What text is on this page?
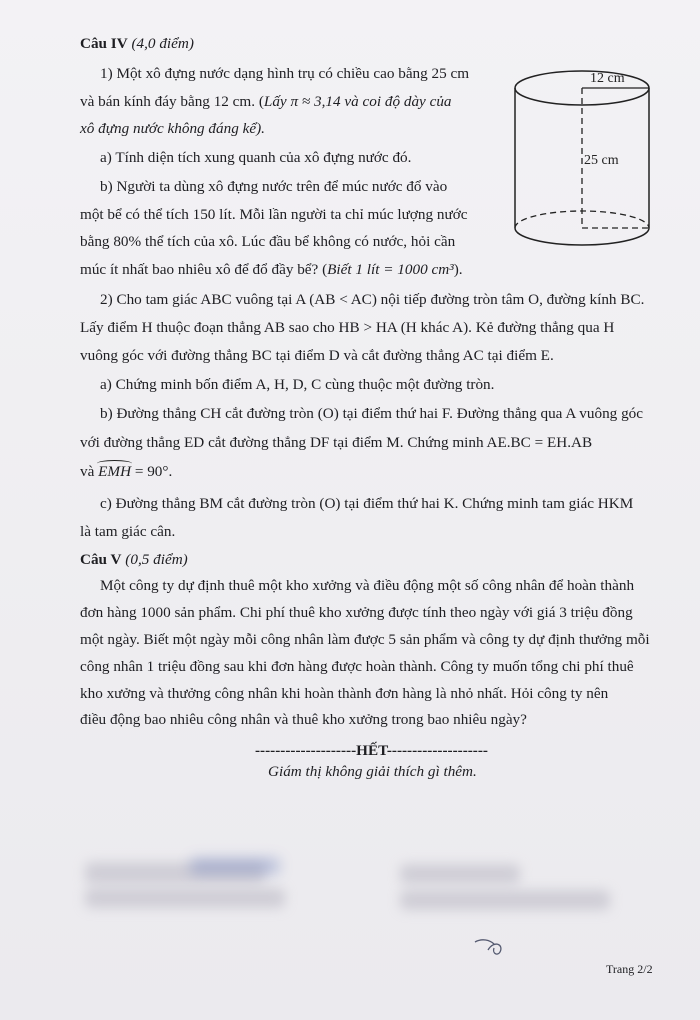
Câu IV (4,0 điểm)
1) Một xô đựng nước dạng hình trụ có chiều cao bằng 25 cm
và bán kính đáy bằng 12 cm. (Lấy π ≈ 3,14 và coi độ dày của
xô đựng nước không đáng kể).
a) Tính diện tích xung quanh của xô đựng nước đó.
b) Người ta dùng xô đựng nước trên để múc nước đổ vào
một bể có thể tích 150 lít. Mỗi lần người ta chỉ múc lượng nước
bằng 80% thể tích của xô. Lúc đầu bể không có nước, hỏi cần
múc ít nhất bao nhiêu xô để đổ đầy bể? (Biết 1 lít = 1000 cm³).
12 cm
25 cm
2) Cho tam giác ABC vuông tại A (AB < AC) nội tiếp đường tròn tâm O, đường kính BC.
Lấy điểm H thuộc đoạn thẳng AB sao cho HB > HA (H khác A). Kẻ đường thẳng qua H
vuông góc với đường thẳng BC tại điểm D và cắt đường thẳng AC tại điểm E.
a) Chứng minh bốn điểm A, H, D, C cùng thuộc một đường tròn.
b) Đường thẳng CH cắt đường tròn (O) tại điểm thứ hai F. Đường thẳng qua A vuông góc
với đường thẳng ED cắt đường thẳng DF tại điểm M. Chứng minh AE.BC = EH.AB
và
EMH = 90°.
c) Đường thẳng BM cắt đường tròn (O) tại điểm thứ hai K. Chứng minh tam giác HKM
là tam giác cân.
Câu V (0,5 điểm)
Một công ty dự định thuê một kho xưởng và điều động một số công nhân để hoàn thành
đơn hàng 1000 sản phẩm. Chi phí thuê kho xưởng được tính theo ngày với giá 3 triệu đồng
một ngày. Biết một ngày mỗi công nhân làm được 5 sản phẩm và công ty dự định thưởng mỗi
công nhân 1 triệu đồng sau khi đơn hàng được hoàn thành. Công ty muốn tổng chi phí thuê
kho xưởng và thưởng công nhân khi hoàn thành đơn hàng là nhỏ nhất. Hỏi công ty nên
điều động bao nhiêu công nhân và thuê kho xưởng trong bao nhiêu ngày?
--------------------HẾT--------------------
Giám thị không giải thích gì thêm.
Trang 2/2
